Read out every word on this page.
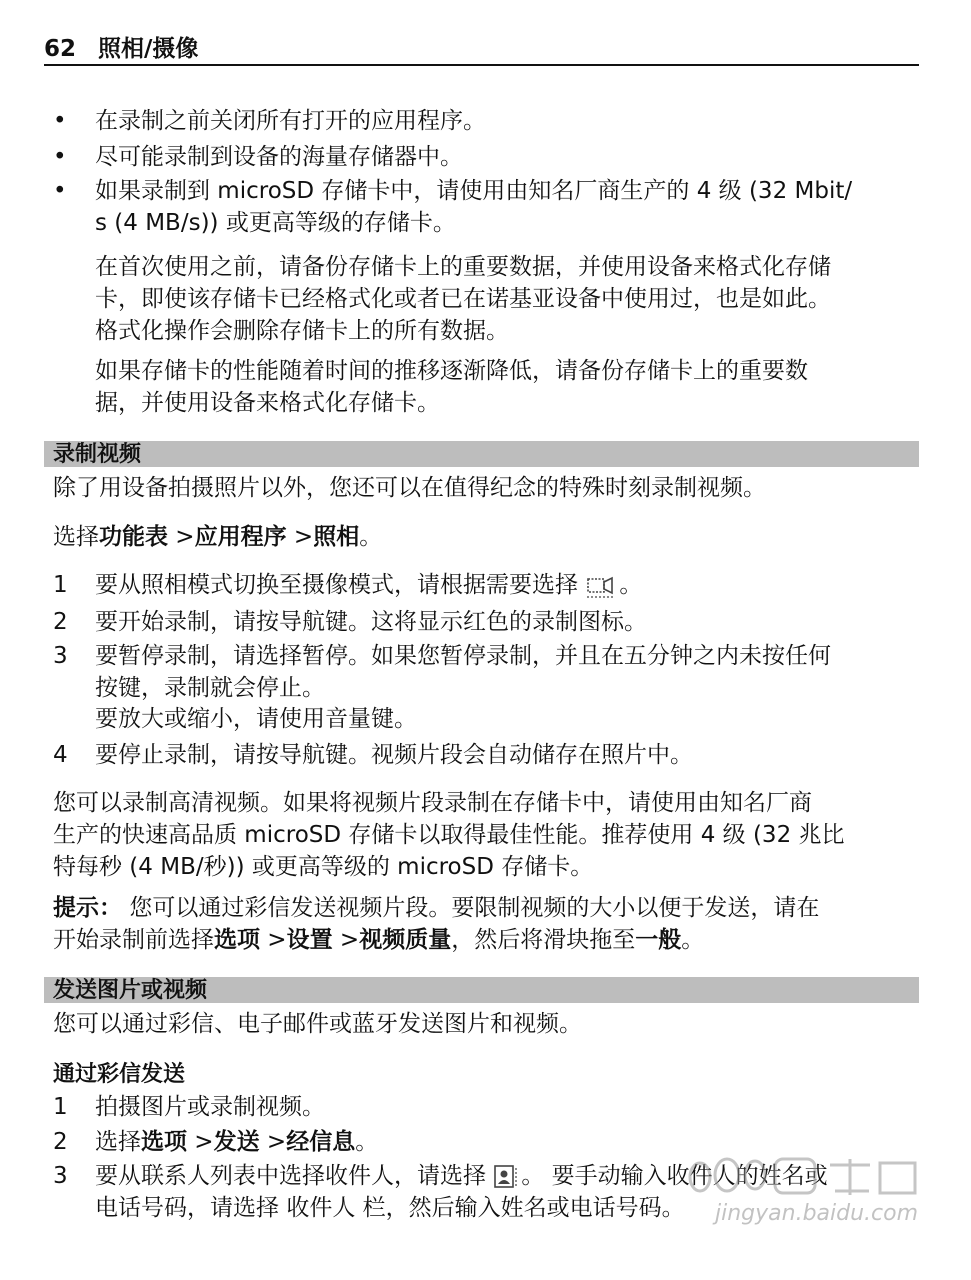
62 照相/摄像
•	在录制之前关闭所有打开的应用程序。
•	尽可能录制到设备的海量存储器中。
•	如果录制到 microSD 存储卡中，请使用由知名厂商生产的 4 级 (32 Mbit/
s (4 MB/s)) 或更高等级的存储卡。
在首次使用之前，请备份存储卡上的重要数据，并使用设备来格式化存储
卡，即使该存储卡已经格式化或者已在诺基亚设备中使用过，也是如此。
格式化操作会删除存储卡上的所有数据。
如果存储卡的性能随着时间的推移逐渐降低，请备份存储卡上的重要数
据，并使用设备来格式化存储卡。
录制视频
除了用设备拍摄照片以外，您还可以在值得纪念的特殊时刻录制视频。
选择功能表 >应用程序 >照相。
1	要从照相模式切换至摄像模式，请根据需要选择 。
2	要开始录制，请按导航键。这将显示红色的录制图标。
3	要暂停录制，请选择暂停。如果您暂停录制，并且在五分钟之内未按任何
按键，录制就会停止。
要放大或缩小，请使用音量键。
4	要停止录制，请按导航键。视频片段会自动储存在照片中。
您可以录制高清视频。如果将视频片段录制在存储卡中，请使用由知名厂商
生产的快速高品质 microSD 存储卡以取得最佳性能。推荐使用 4 级 (32 兆比
特每秒 (4 MB/秒)) 或更高等级的 microSD 存储卡。
提示： 您可以通过彩信发送视频片段。要限制视频的大小以便于发送，请在
开始录制前选择选项 >设置 >视频质量，然后将滑块拖至一般。
发送图片或视频
您可以通过彩信、电子邮件或蓝牙发送图片和视频。
通过彩信发送
1	拍摄图片或录制视频。
2	选择选项 >发送 >经信息。
3	要从联系人列表中选择收件人，请选择 。 要手动输入收件人的姓名或
电话号码，请选择 收件人 栏，然后输入姓名或电话号码。	jingyan.baidu.com
